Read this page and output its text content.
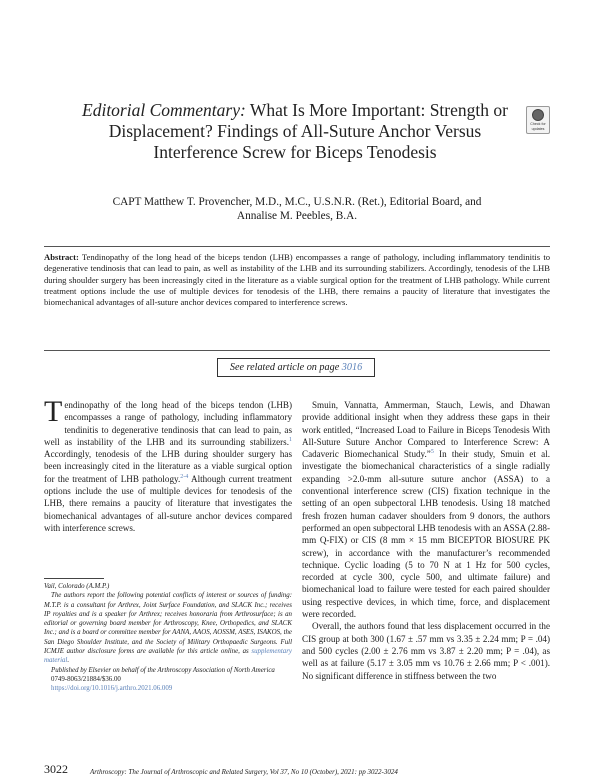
Editorial Commentary: What Is More Important: Strength or Displacement? Findings of All-Suture Anchor Versus Interference Screw for Biceps Tenodesis
Check for
updates
CAPT Matthew T. Provencher, M.D., M.C., U.S.N.R. (Ret.), Editorial Board, and Annalise M. Peebles, B.A.
Abstract: Tendinopathy of the long head of the biceps tendon (LHB) encompasses a range of pathology, including inflammatory tendinitis to degenerative tendinosis that can lead to pain, as well as instability of the LHB and its surrounding stabilizers. Accordingly, tenodesis of the LHB during shoulder surgery has been increasingly cited in the literature as a viable surgical option for the treatment of LHB pathology. While current treatment options include the use of multiple devices for tenodesis of the LHB, there remains a paucity of literature that investigates the biomechanical advantages of all-suture anchor devices compared to interference screws.
See related article on page 3016

Tendinopathy of the long head of the biceps tendon (LHB) encompasses a range of pathology, including inflammatory tendinitis to degenerative tendinosis that can lead to pain, as well as instability of the LHB and its surrounding stabilizers.$^1$ Accordingly, tenodesis of the LHB during shoulder surgery has been increasingly cited in the literature as a viable surgical option for the treatment of LHB pathology.$^{2-4}$ Although current treatment options include the use of multiple devices for tenodesis of the LHB, there remains a paucity of literature that investigates the biomechanical advantages of all-suture anchor devices compared with interference screws.

Vail, Colorado (A.M.P.)

The authors report the following potential conflicts of interest or sources of funding: M.T.P. is a consultant for Arthrex, Joint Surface Foundation, and SLACK Inc.; receives IP royalties and is a speaker for Arthrex; receives honoraria from Arthrosurface; is an editorial or governing board member for Arthroscopy, Knee, Orthopedics, and SLACK Inc.; and is a board or committee member for AANA, AAOS, AOSSM, ASES, ISAKOS, the San Diego Shoulder Institute, and the Society of Military Orthopaedic Surgeons. Full ICMJE author disclosure forms are available for this article online, as supplementary material.

Published by Elsevier on behalf of the Arthroscopy Association of North America

0749-8063/21884/$36.00

https://doi.org/10.1016/j.arthro.2021.06.009

Smuin, Vannatta, Ammerman, Stauch, Lewis, and Dhawan provide additional insight when they address these gaps in their work entitled, “Increased Load to Failure in Biceps Tenodesis With All-Suture Suture Anchor Compared to Interference Screw: A Cadaveric Biomechanical Study.”$^5$ In their study, Smuin et al. investigate the biomechanical characteristics of a single radially expanding >2.0-mm all-suture suture anchor (ASSA) to a conventional interference screw (CIS) fixation technique in the setting of an open subpectoral LHB tenodesis. Using 18 matched fresh frozen human cadaver shoulders from 9 donors, the authors performed an open subpectoral LHB tenodesis with an ASSA (2.88-mm Q-FIX) or CIS (8 mm × 15 mm BICEPTOR BIOSURE PK screw), in accordance with the manufacturer’s recommended technique. Cyclic loading (5 to 70 N at 1 Hz for 500 cycles, recorded at cycle 300, cycle 500, and ultimate failure) and biomechanical load to failure were tested for each paired shoulder using respective devices, in which time, force, and displacement were recorded.

Overall, the authors found that less displacement occurred in the CIS group at both 300 (1.67 ± .57 mm vs 3.35 ± 2.24 mm; P = .04) and 500 cycles (2.00 ± 2.76 mm vs 3.87 ± 2.20 mm; P = .04), as well as at failure (5.17 ± 3.05 mm vs 10.76 ± 2.66 mm; P < .001). No significant difference in stiffness between the two

3022	Arthroscopy: The Journal of Arthroscopic and Related Surgery, Vol 37, No 10 (October), 2021: pp 3022-3024
